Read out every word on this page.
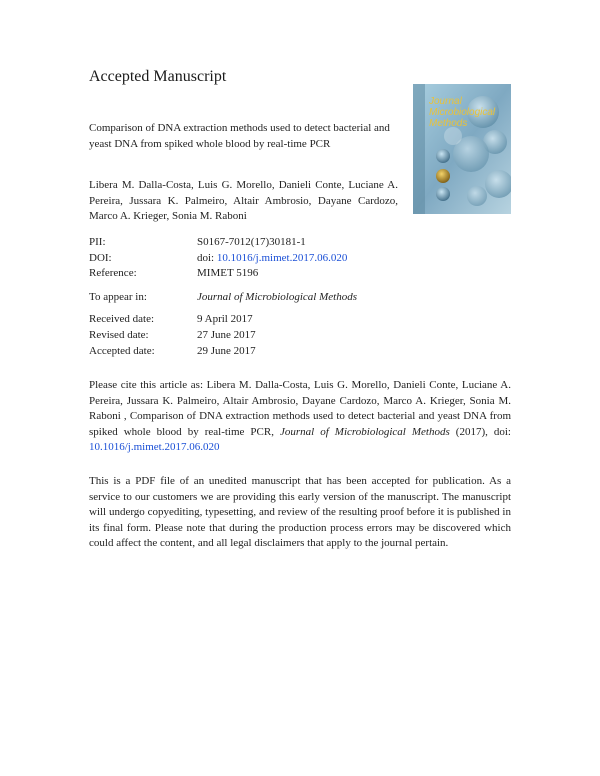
Accepted Manuscript
Comparison of DNA extraction methods used to detect bacterial and yeast DNA from spiked whole blood by real-time PCR
Journal
Microbiological
Methods
Libera M. Dalla-Costa, Luis G. Morello, Danieli Conte, Luciane A. Pereira, Jussara K. Palmeiro, Altair Ambrosio, Dayane Cardozo, Marco A. Krieger, Sonia M. Raboni
PII:	S0167-7012(17)30181-1
DOI:	doi: 10.1016/j.mimet.2017.06.020
Reference:	MIMET 5196
To appear in:	Journal of Microbiological Methods
Received date:	9 April 2017
Revised date:	27 June 2017
Accepted date:	29 June 2017
Please cite this article as: Libera M. Dalla-Costa, Luis G. Morello, Danieli Conte, Luciane A. Pereira, Jussara K. Palmeiro, Altair Ambrosio, Dayane Cardozo, Marco A. Krieger, Sonia M. Raboni , Comparison of DNA extraction methods used to detect bacterial and yeast DNA from spiked whole blood by real-time PCR, Journal of Microbiological Methods (2017), doi: 10.1016/j.mimet.2017.06.020
This is a PDF file of an unedited manuscript that has been accepted for publication. As a service to our customers we are providing this early version of the manuscript. The manuscript will undergo copyediting, typesetting, and review of the resulting proof before it is published in its final form. Please note that during the production process errors may be discovered which could affect the content, and all legal disclaimers that apply to the journal pertain.
